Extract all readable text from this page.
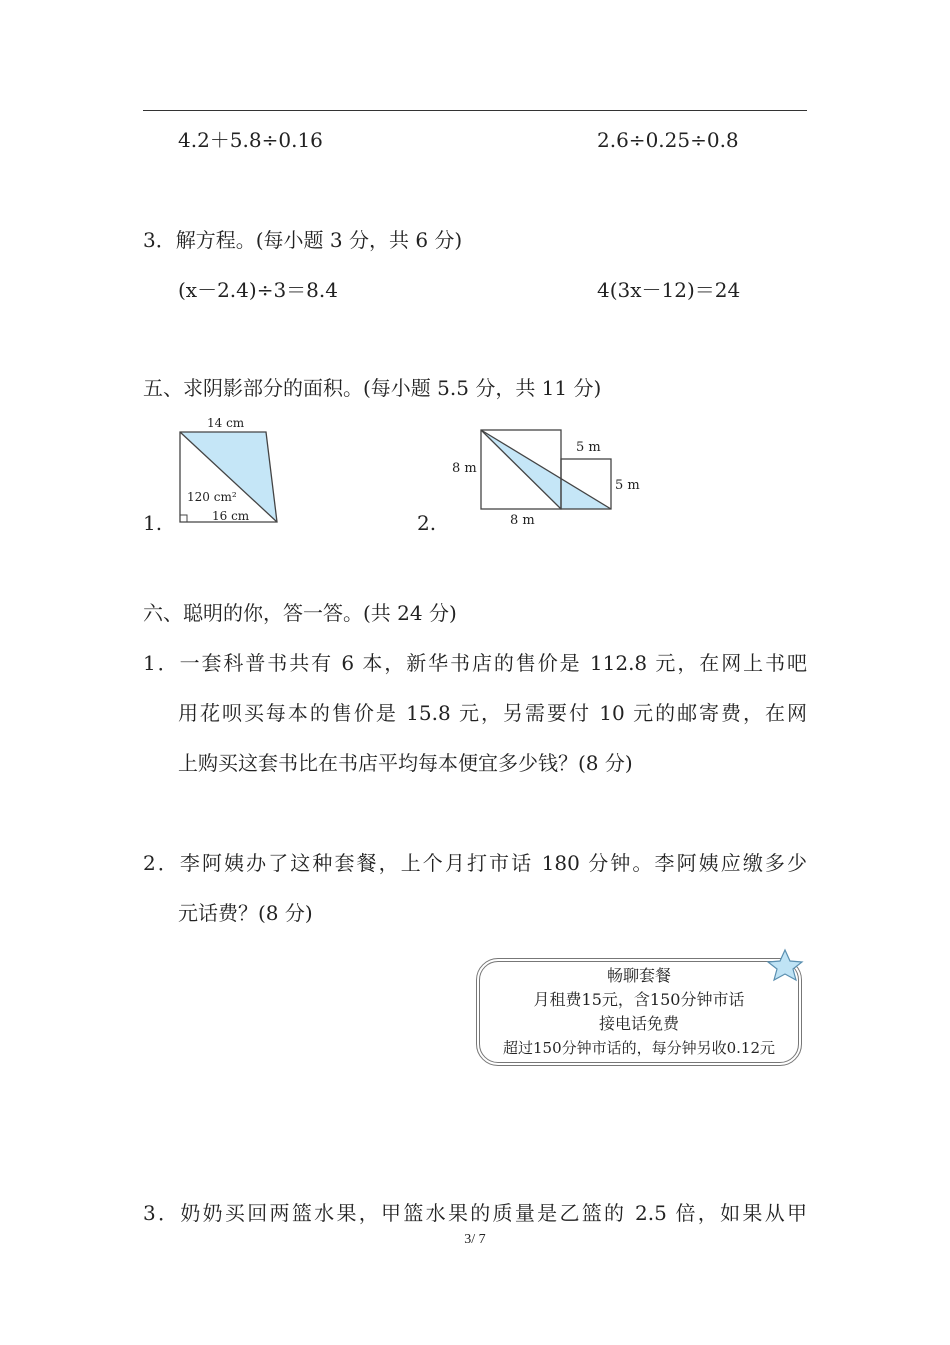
4.2＋5.8÷0.16	2.6÷0.25÷0.8
3．解方程。(每小题 3 分，共 6 分)
(x－2.4)÷3＝8.4	4(3x－12)＝24
五、求阴影部分的面积。(每小题 5.5 分，共 11 分)
1.
14 cm
120 cm²
16 cm	2.
8 m
8 m
5 m
5 m
六、聪明的你，答一答。(共 24 分)
1．一套科普书共有 6 本，新华书店的售价是 112.8 元，在网上书吧
用花呗买每本的售价是 15.8 元，另需要付 10 元的邮寄费，在网
上购买这套书比在书店平均每本便宜多少钱？(8 分)
2．李阿姨办了这种套餐，上个月打市话 180 分钟。李阿姨应缴多少
元话费？(8 分)
畅聊套餐
月租费15元，含150分钟市话
接电话免费
超过150分钟市话的，每分钟另收0.12元
3．奶奶买回两篮水果，甲篮水果的质量是乙篮的 2.5 倍，如果从甲
3/ 7
